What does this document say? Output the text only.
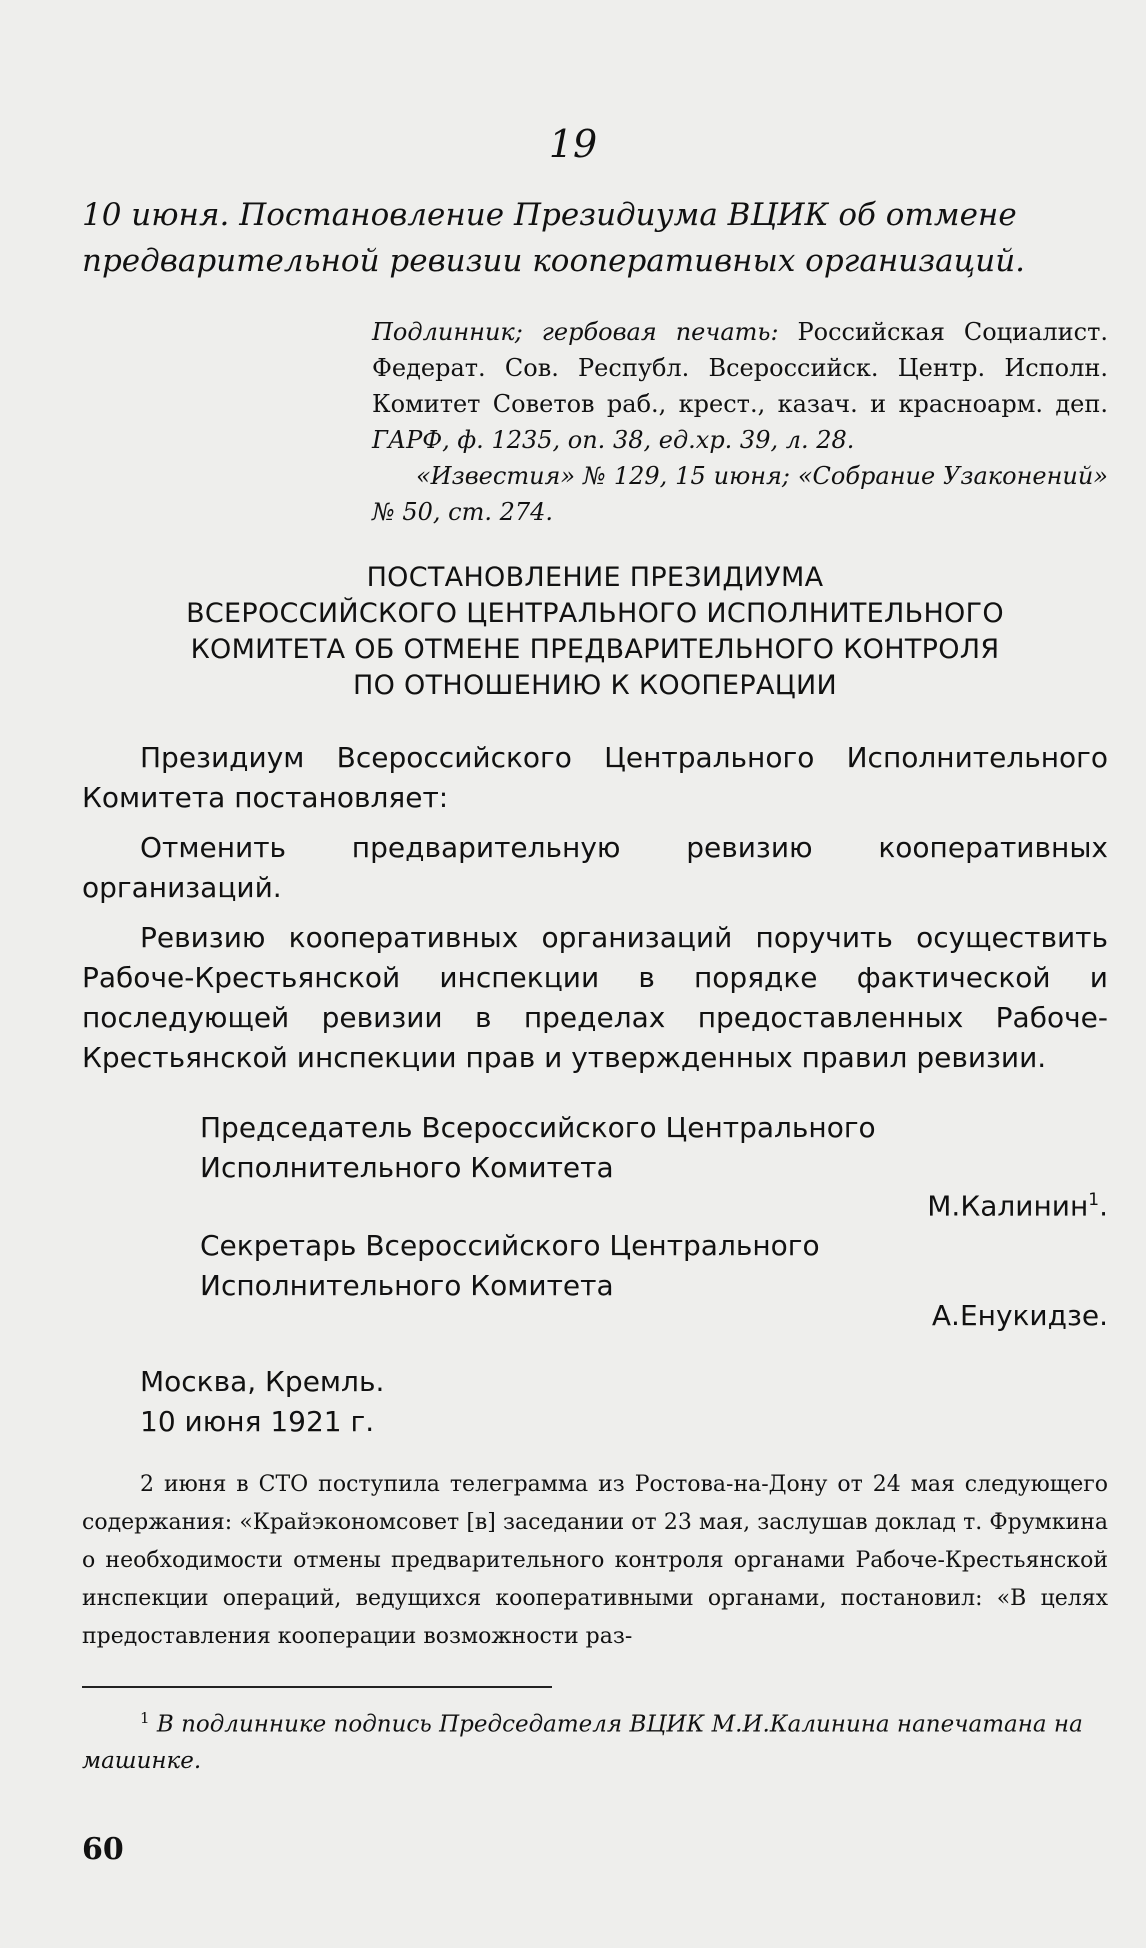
19
10 июня. Постановление Президиума ВЦИК об отмене предварительной ревизии кооперативных организаций.
Подлинник; гербовая печать: Российская Социалист. Федерат. Сов. Республ. Всероссийск. Центр. Исполн. Комитет Советов раб., крест., казач. и красноарм. деп. ГАРФ, ф. 1235, оп. 38, ед.хр. 39, л. 28.
«Известия» № 129, 15 июня; «Собрание Узаконений» № 50, ст. 274.
ПОСТАНОВЛЕНИЕ ПРЕЗИДИУМА
ВСЕРОССИЙСКОГО ЦЕНТРАЛЬНОГО ИСПОЛНИТЕЛЬНОГО
КОМИТЕТА ОБ ОТМЕНЕ ПРЕДВАРИТЕЛЬНОГО КОНТРОЛЯ
ПО ОТНОШЕНИЮ К КООПЕРАЦИИ
Президиум Всероссийского Центрального Исполнительного Комитета постановляет:
Отменить предварительную ревизию кооперативных организаций.
Ревизию кооперативных организаций поручить осуществить Рабоче-Крестьянской инспекции в порядке фактической и последующей ревизии в пределах предоставленных Рабоче-Крестьянской инспекции прав и утвержденных правил ревизии.
Председатель Всероссийского Центрального
Исполнительного Комитета
М.Калинин$^1$.
Секретарь Всероссийского Центрального
Исполнительного Комитета
А.Енукидзе.
Москва, Кремль.
10 июня 1921 г.
2 июня в СТО поступила телеграмма из Ростова-на-Дону от 24 мая следующего содержания: «Крайэкономсовет [в] заседании от 23 мая, заслушав доклад т. Фрумкина о необходимости отмены предварительного контроля органами Рабоче-Крестьянской инспекции операций, ведущихся кооперативными органами, постановил: «В целях предоставления кооперации возможности раз-
$^1$ В подлиннике подпись Председателя ВЦИК М.И.Калинина напечатана на машинке.
60
